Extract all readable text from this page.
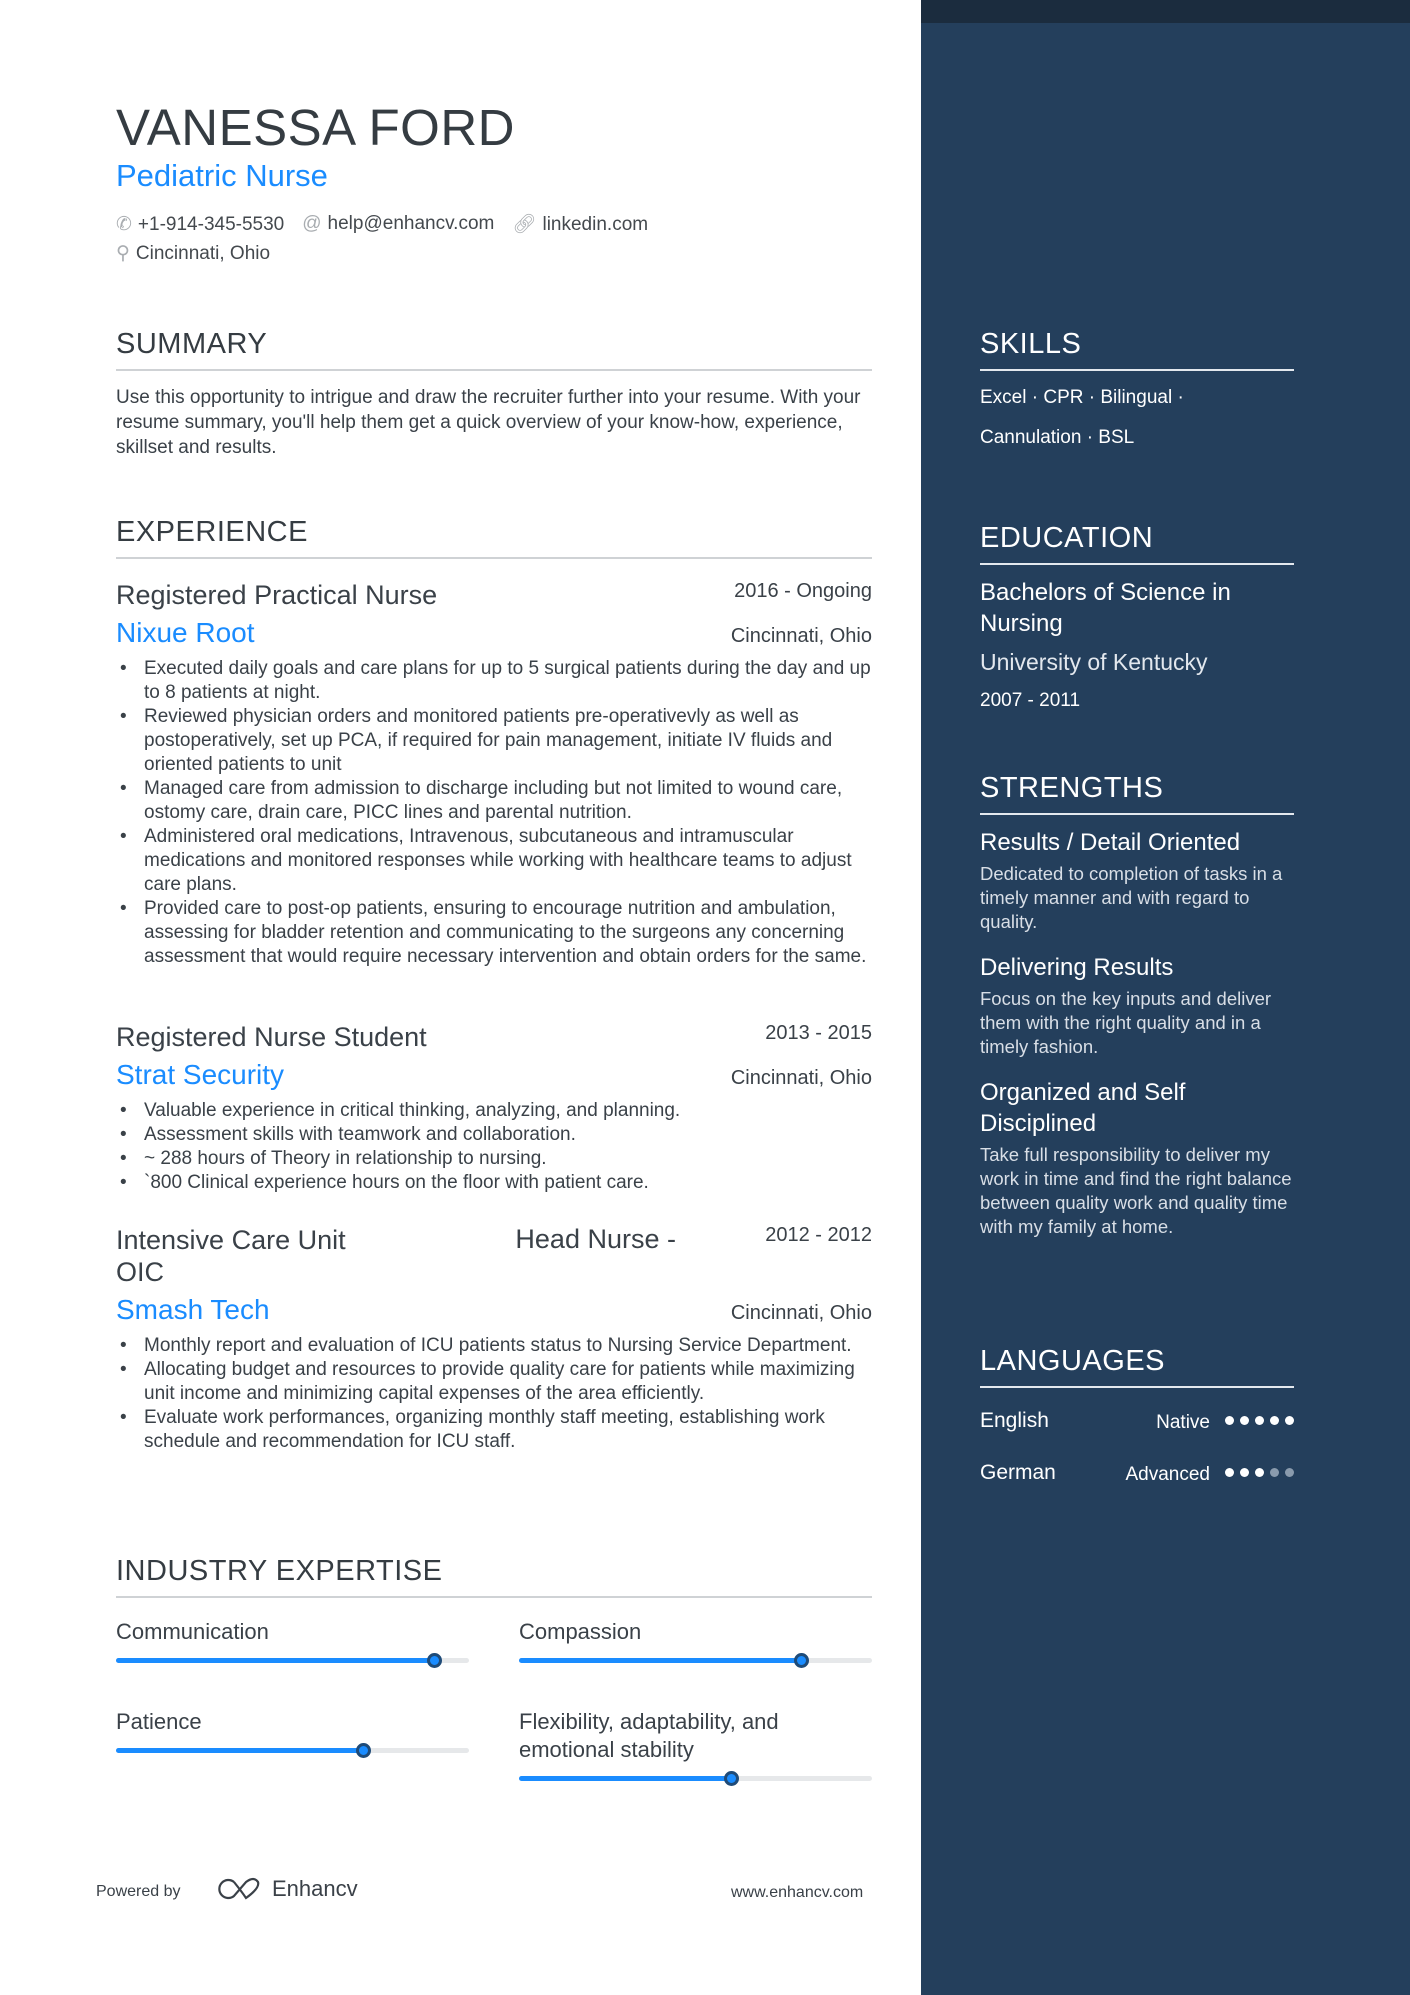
VANESSA FORD
Pediatric Nurse
✆ +1-914-345-5530 @ help@enhancv.com 🔗︎ linkedin.com
⚲ Cincinnati, Ohio
SUMMARY

Use this opportunity to intrigue and draw the recruiter further into your resume. With your resume summary, you'll help them get a quick overview of your know-how, experience, skillset and results.

EXPERIENCE
Registered Practical Nurse	2016 - Ongoing
Nixue Root	Cincinnati, Ohio
• Executed daily goals and care plans for up to 5 surgical patients during the day and up to 8 patients at night.
• Reviewed physician orders and monitored patients pre-operativevly as well as postoperatively, set up PCA, if required for pain management, initiate IV fluids and oriented patients to unit
• Managed care from admission to discharge including but not limited to wound care, ostomy care, drain care, PICC lines and parental nutrition.
• Administered oral medications, Intravenous, subcutaneous and intramuscular medications and monitored responses while working with healthcare teams to adjust care plans.
• Provided care to post-op patients, ensuring to encourage nutrition and ambulation, assessing for bladder retention and communicating to the surgeons any concerning assessment that would require necessary intervention and obtain orders for the same.
Registered Nurse Student	2013 - 2015
Strat Security	Cincinnati, Ohio
• Valuable experience in critical thinking, analyzing, and planning.
• Assessment skills with teamwork and collaboration.
• ~ 288 hours of Theory in relationship to nursing.
• `800 Clinical experience hours on the floor with patient care.
Intensive Care Unit OIC
Head Nurse -	2012 - 2012
Smash Tech	Cincinnati, Ohio
• Monthly report and evaluation of ICU patients status to Nursing Service Department.
• Allocating budget and resources to provide quality care for patients while maximizing unit income and minimizing capital expenses of the area efficiently.
• Evaluate work performances, organizing monthly staff meeting, establishing work schedule and recommendation for ICU staff.
INDUSTRY EXPERTISE
Communication	Compassion
Patience	Flexibility, adaptability, and emotional stability
Powered by	Enhancv	www.enhancv.com
SKILLS
Excel · CPR · Bilingual ·
Cannulation · BSL
EDUCATION
Bachelors of Science in Nursing
University of Kentucky
2007 - 2011
STRENGTHS
Results / Detail Oriented
Dedicated to completion of tasks in a timely manner and with regard to quality.
Delivering Results
Focus on the key inputs and deliver them with the right quality and in a timely fashion.
Organized and Self Disciplined
Take full responsibility to deliver my work in time and find the right balance between quality work and quality time with my family at home.
LANGUAGES
English	Native
German	Advanced
